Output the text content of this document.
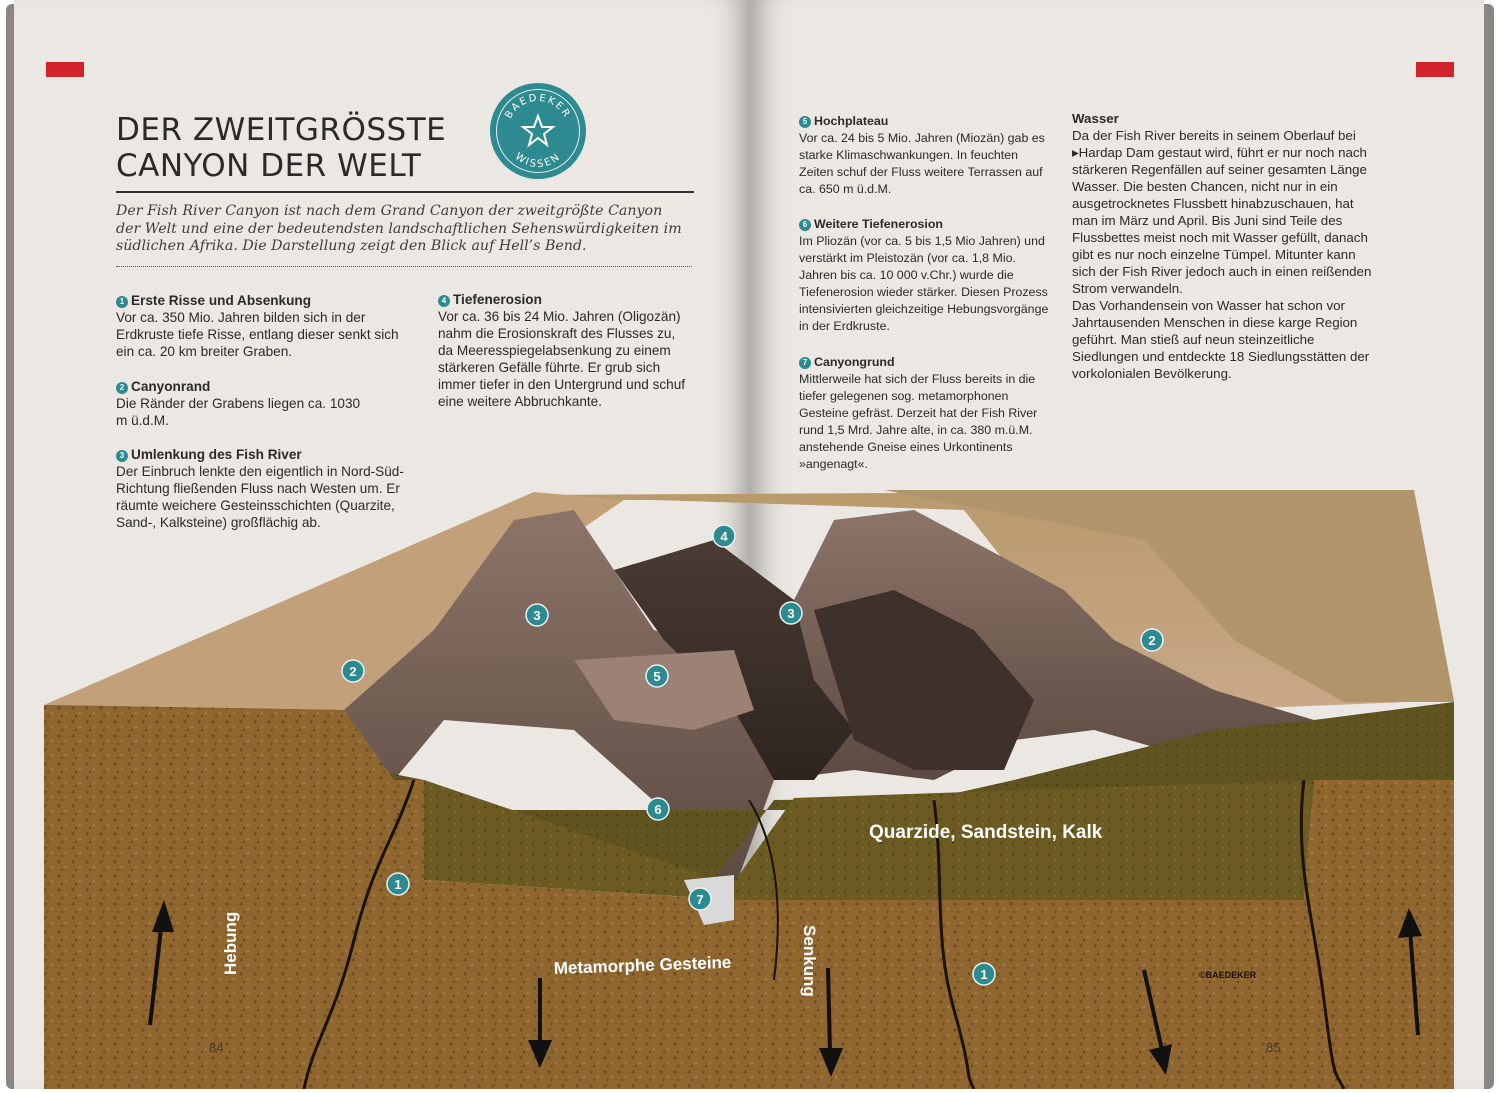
DER ZWEITGRÖSSTE
CANYON DER WELT
BAEDEKER
WISSEN
Der Fish River Canyon ist nach dem Grand Canyon der zweitgrößte Canyon der Welt und eine der bedeutendsten landschaftlichen Sehenswürdigkeiten im südlichen Afrika. Die Darstellung zeigt den Blick auf Hell’s Bend.
1 Erste Risse und Absenkung
Vor ca. 350 Mio. Jahren bilden sich in der Erdkruste tiefe Risse, entlang dieser senkt sich ein ca. 20 km breiter Graben.
2 Canyonrand
Die Ränder der Grabens liegen ca. 1030 m ü.d.M.
3 Umlenkung des Fish River
Der Einbruch lenkte den eigentlich in Nord-Süd-Richtung fließenden Fluss nach Westen um. Er räumte weichere Gesteinsschichten (Quarzite, Sand-, Kalksteine) großflächig ab.
4 Tiefenerosion
Vor ca. 36 bis 24 Mio. Jahren (Oligozän) nahm die Erosionskraft des Flusses zu, da Meeresspiegelabsenkung zu einem stärkeren Gefälle führte. Er grub sich immer tiefer in den Untergrund und schuf eine weitere Abbruchkante.
5 Hochplateau
Vor ca. 24 bis 5 Mio. Jahren (Miozän) gab es starke Klimaschwankungen. In feuchten Zeiten schuf der Fluss weitere Terrassen auf ca. 650 m ü.d.M.
6 Weitere Tiefenerosion
Im Pliozän (vor ca. 5 bis 1,5 Mio Jahren) und verstärkt im Pleistozän (vor ca. 1,8 Mio. Jahren bis ca. 10 000 v.Chr.) wurde die Tiefenerosion wieder stärker. Diesen Prozess intensivierten gleichzeitige Hebungsvorgänge in der Erdkruste.
7 Canyongrund
Mittlerweile hat sich der Fluss bereits in die tiefer gelegenen sog. metamorphonen Gesteine gefräst. Derzeit hat der Fish River rund 1,5 Mrd. Jahre alte, in ca. 380 m.ü.M. anstehende Gneise eines Urkontinents »angenagt«.
Wasser
Da der Fish River bereits in seinem Oberlauf bei ▸Hardap Dam gestaut wird, führt er nur noch nach stärkeren Regenfällen auf seiner gesamten Länge Wasser. Die besten Chancen, nicht nur in ein ausgetrocknetes Flussbett hinabzuschauen, hat man im März und April. Bis Juni sind Teile des Flussbettes meist noch mit Wasser gefüllt, danach gibt es nur noch einzelne Tümpel. Mitunter kann sich der Fish River jedoch auch in einen reißenden Strom verwandeln.
Das Vorhandensein von Wasser hat schon vor Jahrtausenden Menschen in diese karge Region geführt. Man stieß auf neun steinzeitliche Siedlungen und entdeckte 18 Siedlungsstätten der vorkolonialen Bevölkerung.
Quarzide, Sandstein, Kalk
Metamorphe Gesteine
Hebung	Senkung	©BAEDEKER
84	85
1
2
3
4
5
6
7
3
2
1
